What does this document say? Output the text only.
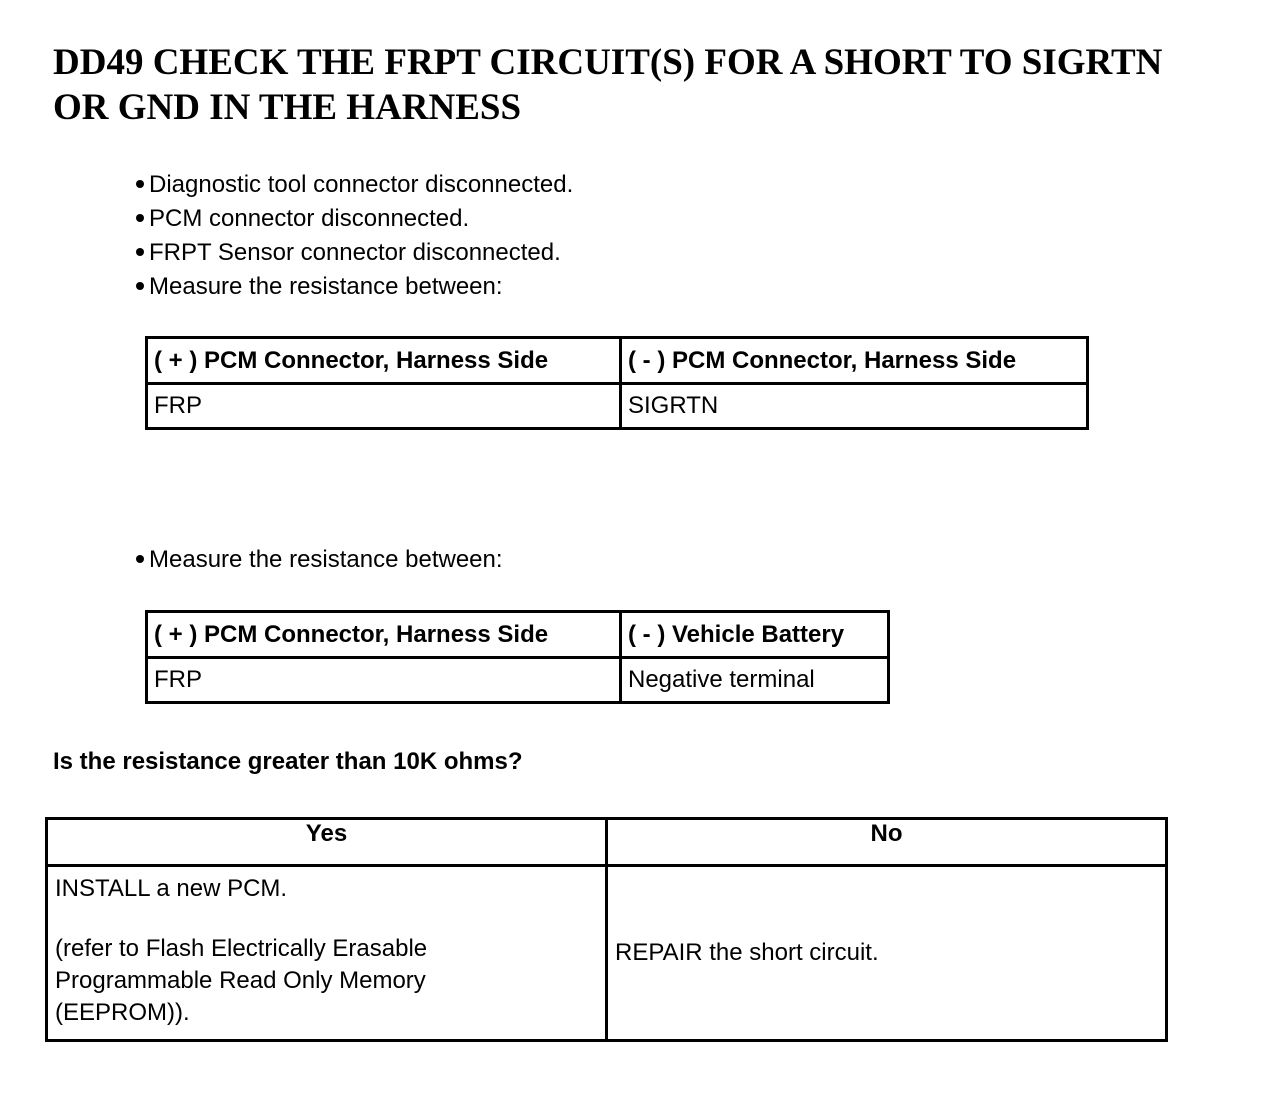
DD49 CHECK THE FRPT CIRCUIT(S) FOR A SHORT TO SIGRTN
OR GND IN THE HARNESS
Diagnostic tool connector disconnected.
PCM connector disconnected.
FRPT Sensor connector disconnected.
Measure the resistance between:
( + ) PCM Connector, Harness Side	( - ) PCM Connector, Harness Side
FRP	SIGRTN
Measure the resistance between:
( + ) PCM Connector, Harness Side	( - ) Vehicle Battery
FRP	Negative terminal

Is the resistance greater than 10K ohms?

Yes	No

INSTALL a new PCM.

(refer to Flash Electrically Erasable

Programmable Read Only Memory

(EEPROM)).	REPAIR the short circuit.
